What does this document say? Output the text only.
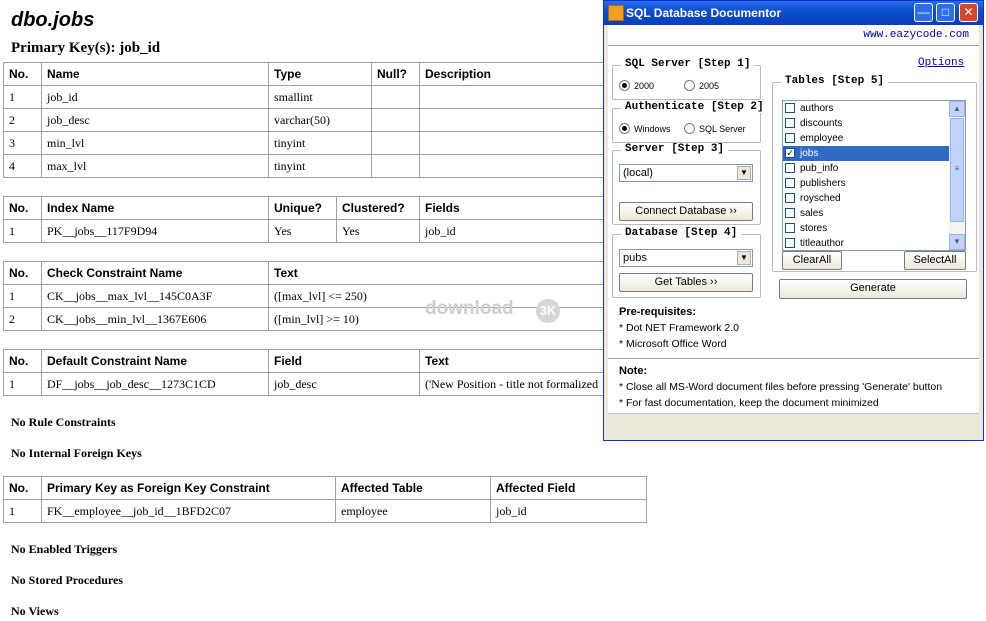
dbo.jobs
Primary Key(s): job_id
No.	Name	Type	Null?	Description
1	job_id	smallint		
2	job_desc	varchar(50)		
3	min_lvl	tinyint		
4	max_lvl	tinyint		
No.	Index Name	Unique?	Clustered?	Fields
1	PK__jobs__117F9D94	Yes	Yes	job_id
No.	Check Constraint Name	Text
1	CK__jobs__max_lvl__145C0A3F	([max_lvl] <= 250)
2	CK__jobs__min_lvl__1367E606	([min_lvl] >= 10)	download 3K
No.	Default Constraint Name	Field	Text
1	DF__jobs__job_desc__1273C1CD	job_desc	('New Position - title not formalized
No Rule Constraints
No Internal Foreign Keys
No.	Primary Key as Foreign Key Constraint	Affected Table	Affected Field
1	FK__employee__job_id__1BFD2C07	employee	job_id
No Enabled Triggers
No Stored Procedures
No Views
SQL Database Documentor	—	□	✕
www.eazycode.com
Options
SQL Server [Step 1]
2000	2005
Authenticate [Step 2]
Windows	SQL Server
Server [Step 3]
(local)	▼
Connect Database ››
Database [Step 4]
pubs	▼
Get Tables ››
Tables [Step 5]
authors
discounts
employee
✓ jobs
pub_info
publishers
roysched
sales
stores
titleauthor
▲
≡
▼
ClearAll	SelectAll
Generate
Pre-requisites:
* Dot NET Framework 2.0
* Microsoft Office Word
Note:
* Close all MS-Word document files before pressing 'Generate' button
* For fast documentation, keep the document minimized
